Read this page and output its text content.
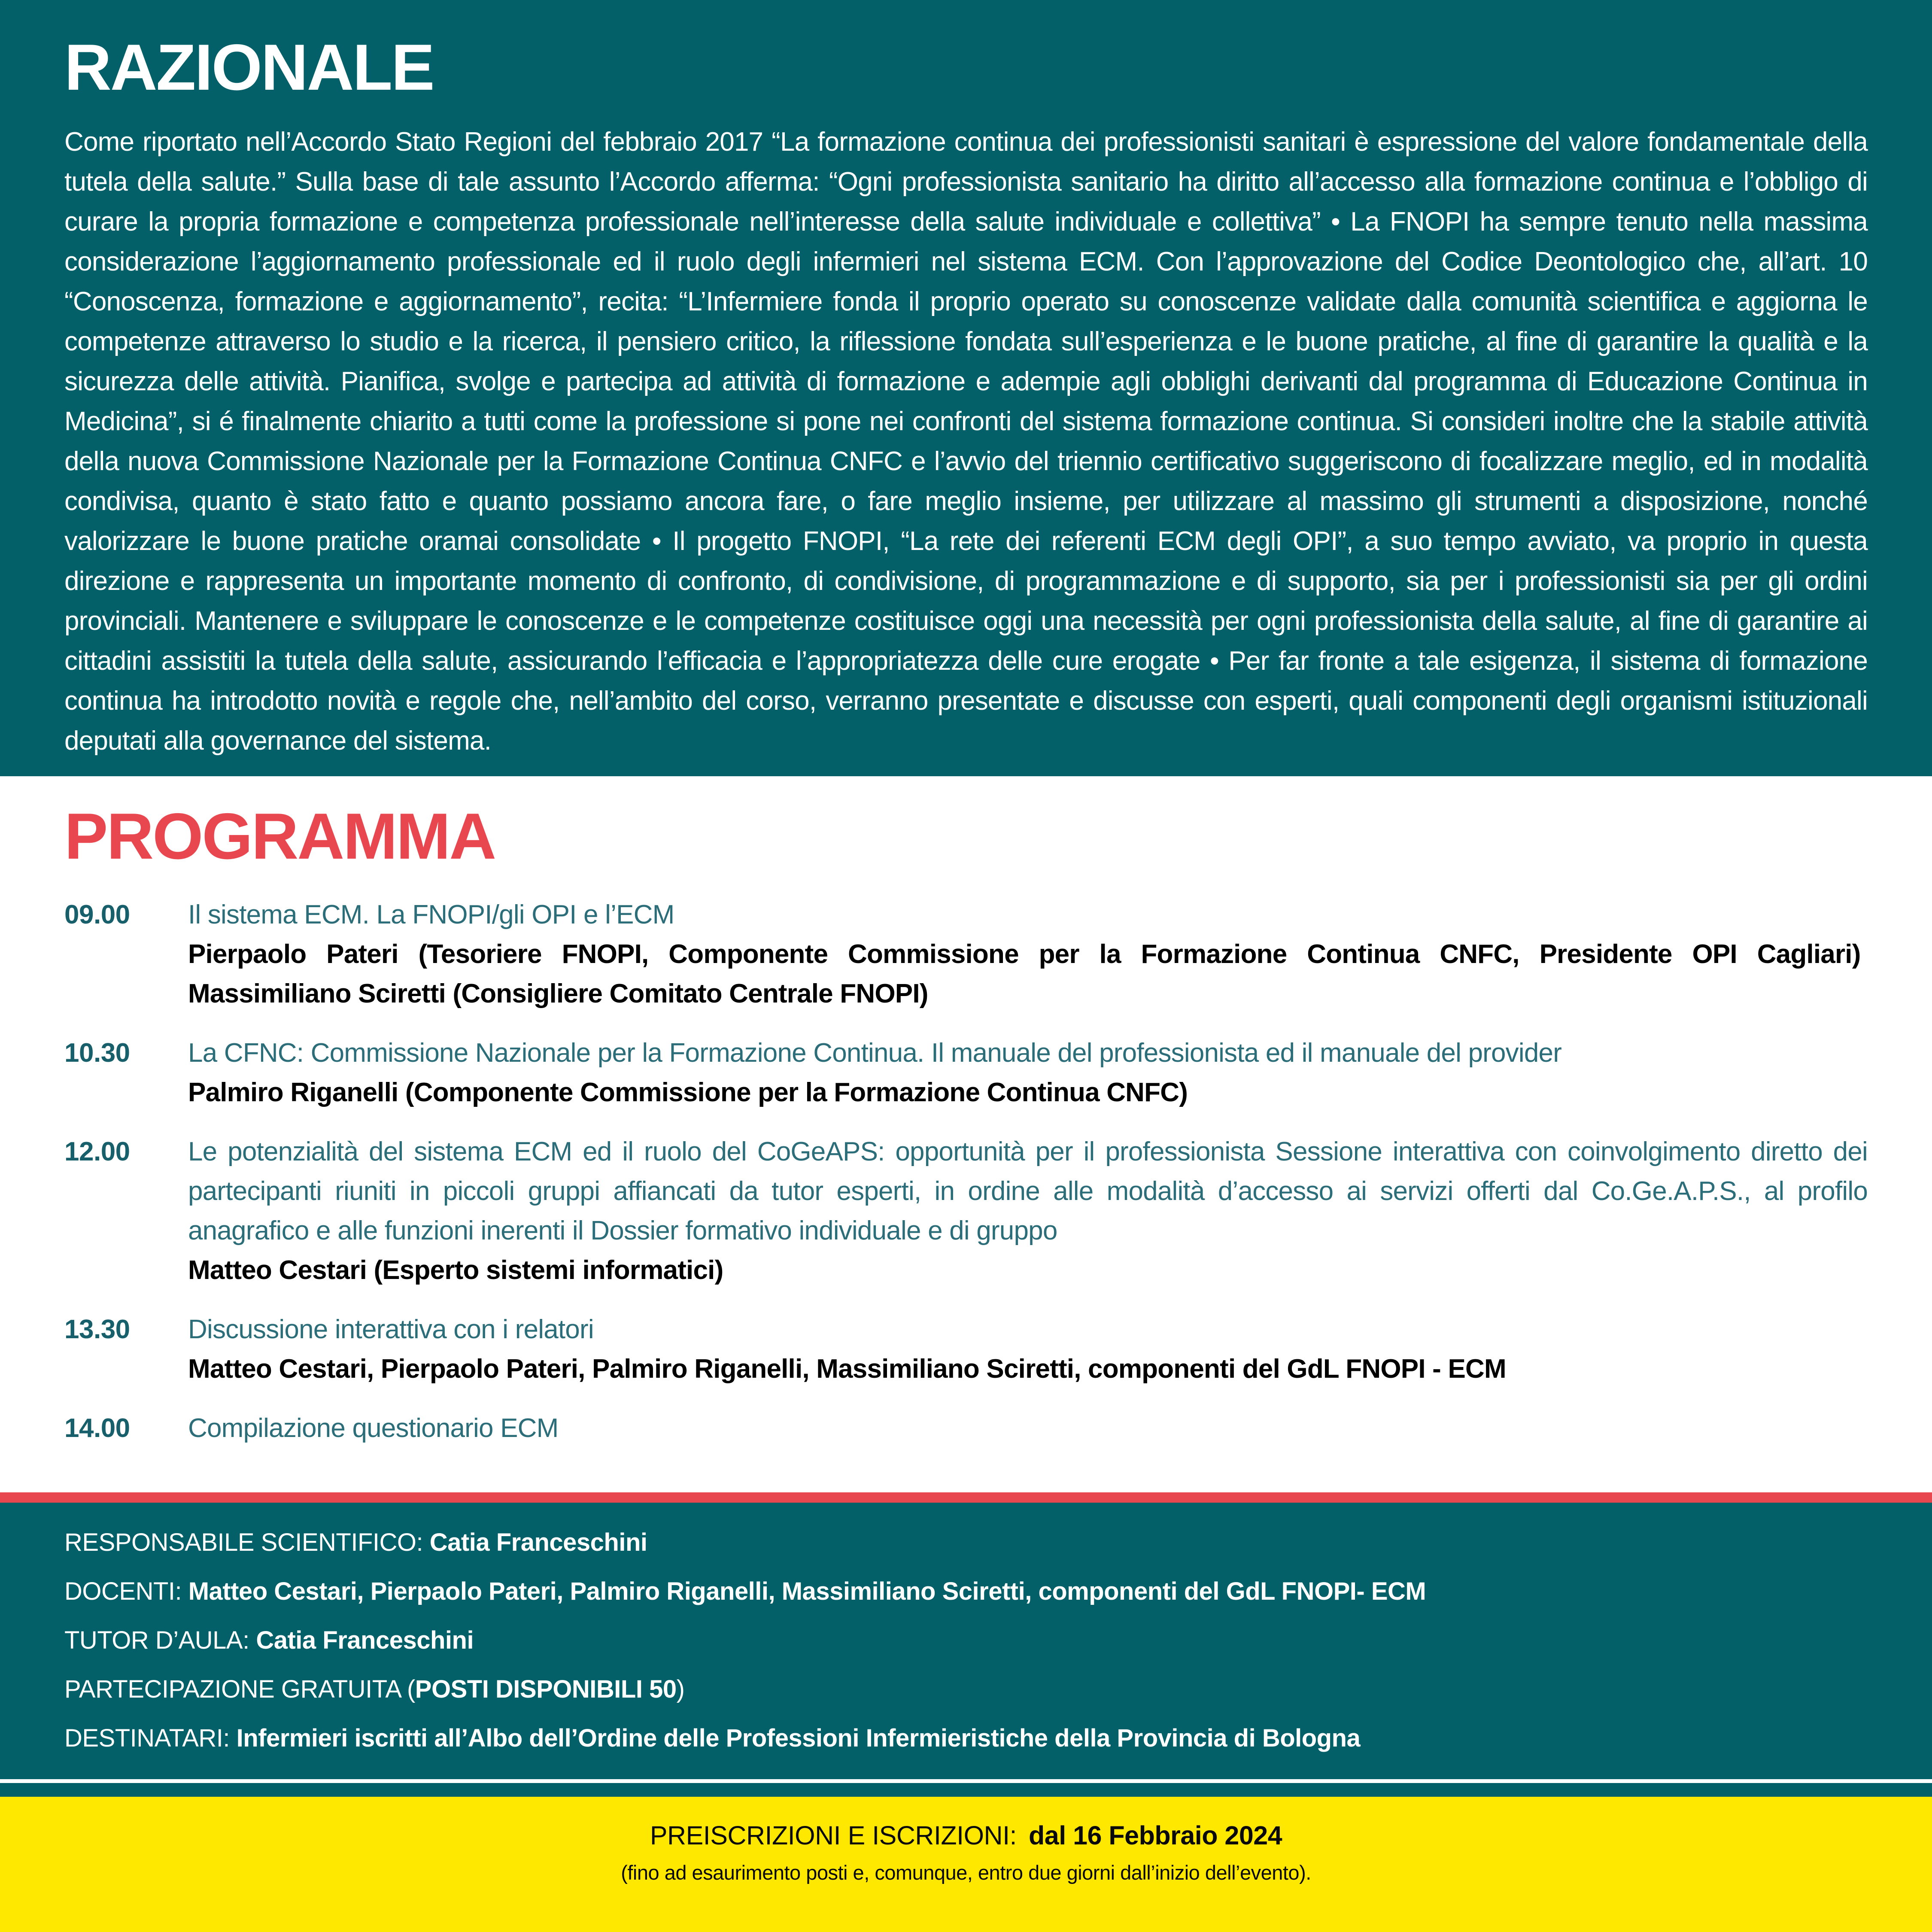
RAZIONALE
Come riportato nell’Accordo Stato Regioni del febbraio 2017 “La formazione continua dei professionisti sanitari è espressione del valore fondamentale della tutela della salute.” Sulla base di tale assunto l’Accordo afferma: “Ogni professionista sanitario ha diritto all’accesso alla formazione continua e l’obbligo di curare la propria formazione e competenza professionale nell’interesse della salute individuale e collettiva” • La FNOPI ha sempre tenuto nella massima considerazione l’aggiornamento professionale ed il ruolo degli infermieri nel sistema ECM. Con l’approvazione del Codice Deontologico che, all’art. 10 “Conoscenza, formazione e aggiornamento”, recita: “L’Infermiere fonda il proprio operato su conoscenze validate dalla comunità scientifica e aggiorna le competenze attraverso lo studio e la ricerca, il pensiero critico, la riflessione fondata sull’esperienza e le buone pratiche, al fine di garantire la qualità e la sicurezza delle attività. Pianifica, svolge e partecipa ad attività di formazione e adempie agli obblighi derivanti dal programma di Educazione Continua in Medicina”, si é finalmente chiarito a tutti come la professione si pone nei confronti del sistema formazione continua. Si consideri inoltre che la stabile attività della nuova Commissione Nazionale per la Formazione Continua CNFC e l’avvio del triennio certificativo suggeriscono di focalizzare meglio, ed in modalità condivisa, quanto è stato fatto e quanto possiamo ancora fare, o fare meglio insieme, per utilizzare al massimo gli strumenti a disposizione, nonché valorizzare le buone pratiche oramai consolidate • Il progetto FNOPI, “La rete dei referenti ECM degli OPI”, a suo tempo avviato, va proprio in questa direzione e rappresenta un importante momento di confronto, di condivisione, di programmazione e di supporto, sia per i professionisti sia per gli ordini provinciali. Mantenere e sviluppare le conoscenze e le competenze costituisce oggi una necessità per ogni professionista della salute, al fine di garantire ai cittadini assistiti la tutela della salute, assicurando l’efficacia e l’appropriatezza delle cure erogate • Per far fronte a tale esigenza, il sistema di formazione continua ha introdotto novità e regole che, nell’ambito del corso, verranno presentate e discusse con esperti, quali componenti degli organismi istituzionali deputati alla governance del sistema.
PROGRAMMA
09.00	Il sistema ECM. La FNOPI/gli OPI e l’ECM
Pierpaolo Pateri (Tesoriere FNOPI, Componente Commissione per la Formazione Continua CNFC, Presidente OPI Cagliari)  Massimiliano Sciretti (Consigliere Comitato Centrale FNOPI)
10.30	La CFNC: Commissione Nazionale per la Formazione Continua. Il manuale del professionista ed il manuale del provider
Palmiro Riganelli (Componente Commissione per la Formazione Continua CNFC)
12.00	Le potenzialità del sistema ECM ed il ruolo del CoGeAPS: opportunità per il professionista Sessione interattiva con coinvolgimento diretto dei partecipanti riuniti in piccoli gruppi affiancati da tutor esperti, in ordine alle modalità d’accesso ai servizi offerti dal Co.Ge.A.P.S., al profilo anagrafico e alle funzioni inerenti il Dossier formativo individuale e di gruppo
Matteo Cestari (Esperto sistemi informatici)
13.30	Discussione interattiva con i relatori
Matteo Cestari, Pierpaolo Pateri, Palmiro Riganelli, Massimiliano Sciretti, componenti del GdL FNOPI - ECM
14.00	Compilazione questionario ECM
RESPONSABILE SCIENTIFICO: Catia Franceschini
DOCENTI: Matteo Cestari, Pierpaolo Pateri, Palmiro Riganelli, Massimiliano Sciretti, componenti del GdL FNOPI- ECM
TUTOR D’AULA: Catia Franceschini
PARTECIPAZIONE GRATUITA (POSTI DISPONIBILI 50)
DESTINATARI: Infermieri iscritti all’Albo dell’Ordine delle Professioni Infermieristiche della Provincia di Bologna
PREISCRIZIONI E ISCRIZIONI: dal 16 Febbraio 2024
(fino ad esaurimento posti e, comunque, entro due giorni dall’inizio dell’evento).
